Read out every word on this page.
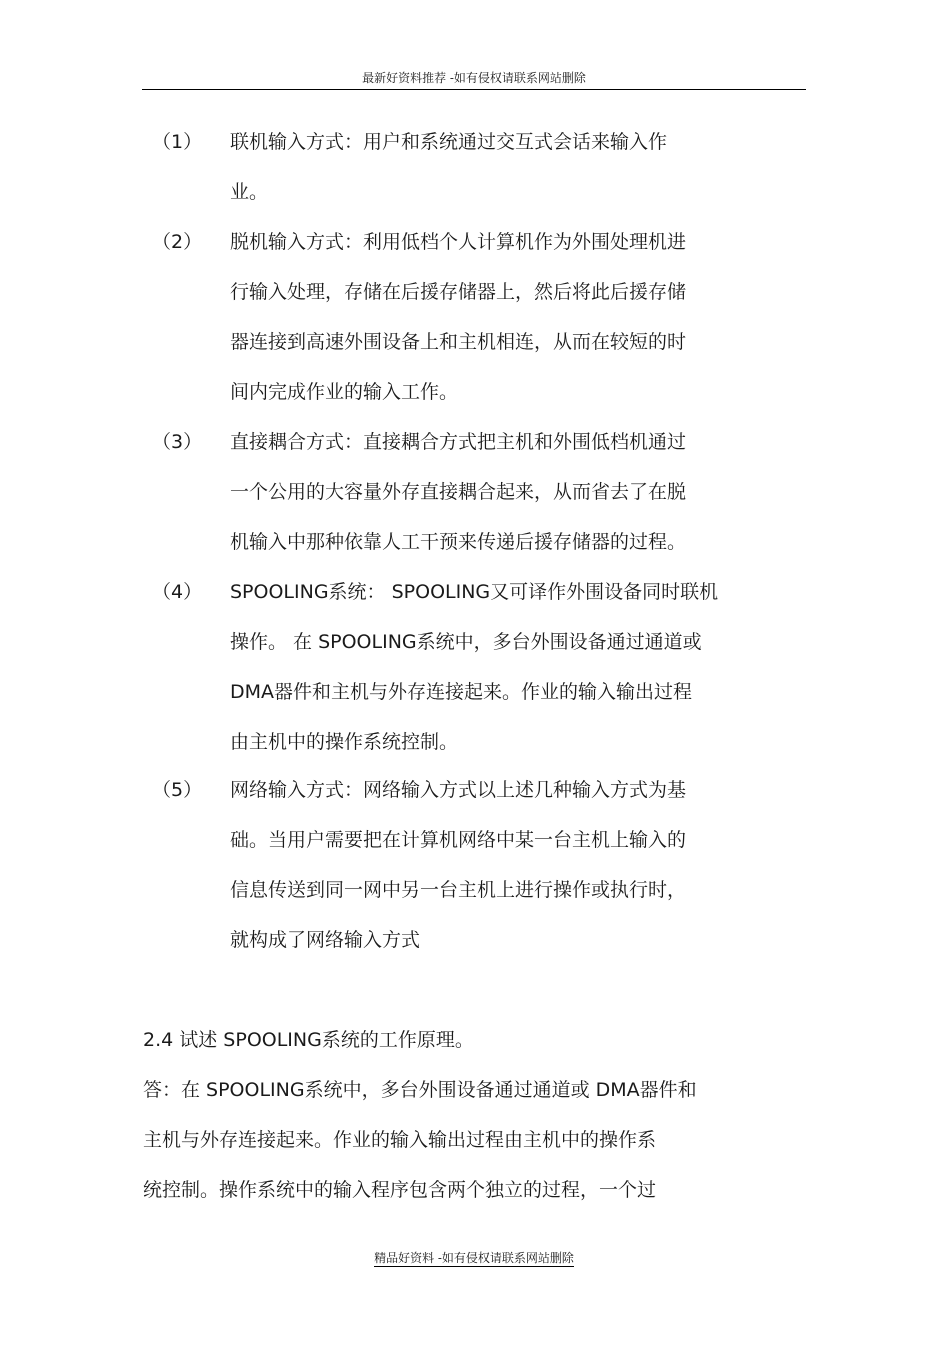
最新好资料推荐 -如有侵权请联系网站删除
（1） 联机输入方式：用户和系统通过交互式会话来输入作
业。
（2） 脱机输入方式：利用低档个人计算机作为外围处理机进
行输入处理，存储在后援存储器上，然后将此后援存储
器连接到高速外围设备上和主机相连，从而在较短的时
间内完成作业的输入工作。
（3） 直接耦合方式：直接耦合方式把主机和外围低档机通过
一个公用的大容量外存直接耦合起来，从而省去了在脱
机输入中那种依靠人工干预来传递后援存储器的过程。
（4） SPOOLING系统： SPOOLING又可译作外围设备同时联机
操作。 在 SPOOLING系统中，多台外围设备通过通道或
DMA器件和主机与外存连接起来。作业的输入输出过程
由主机中的操作系统控制。
（5） 网络输入方式：网络输入方式以上述几种输入方式为基
础。当用户需要把在计算机网络中某一台主机上输入的
信息传送到同一网中另一台主机上进行操作或执行时，
就构成了网络输入方式
2.4 试述 SPOOLING系统的工作原理。
答：在 SPOOLING系统中，多台外围设备通过通道或 DMA器件和
主机与外存连接起来。作业的输入输出过程由主机中的操作系
统控制。操作系统中的输入程序包含两个独立的过程，一个过
精品好资料 -如有侵权请联系网站删除
